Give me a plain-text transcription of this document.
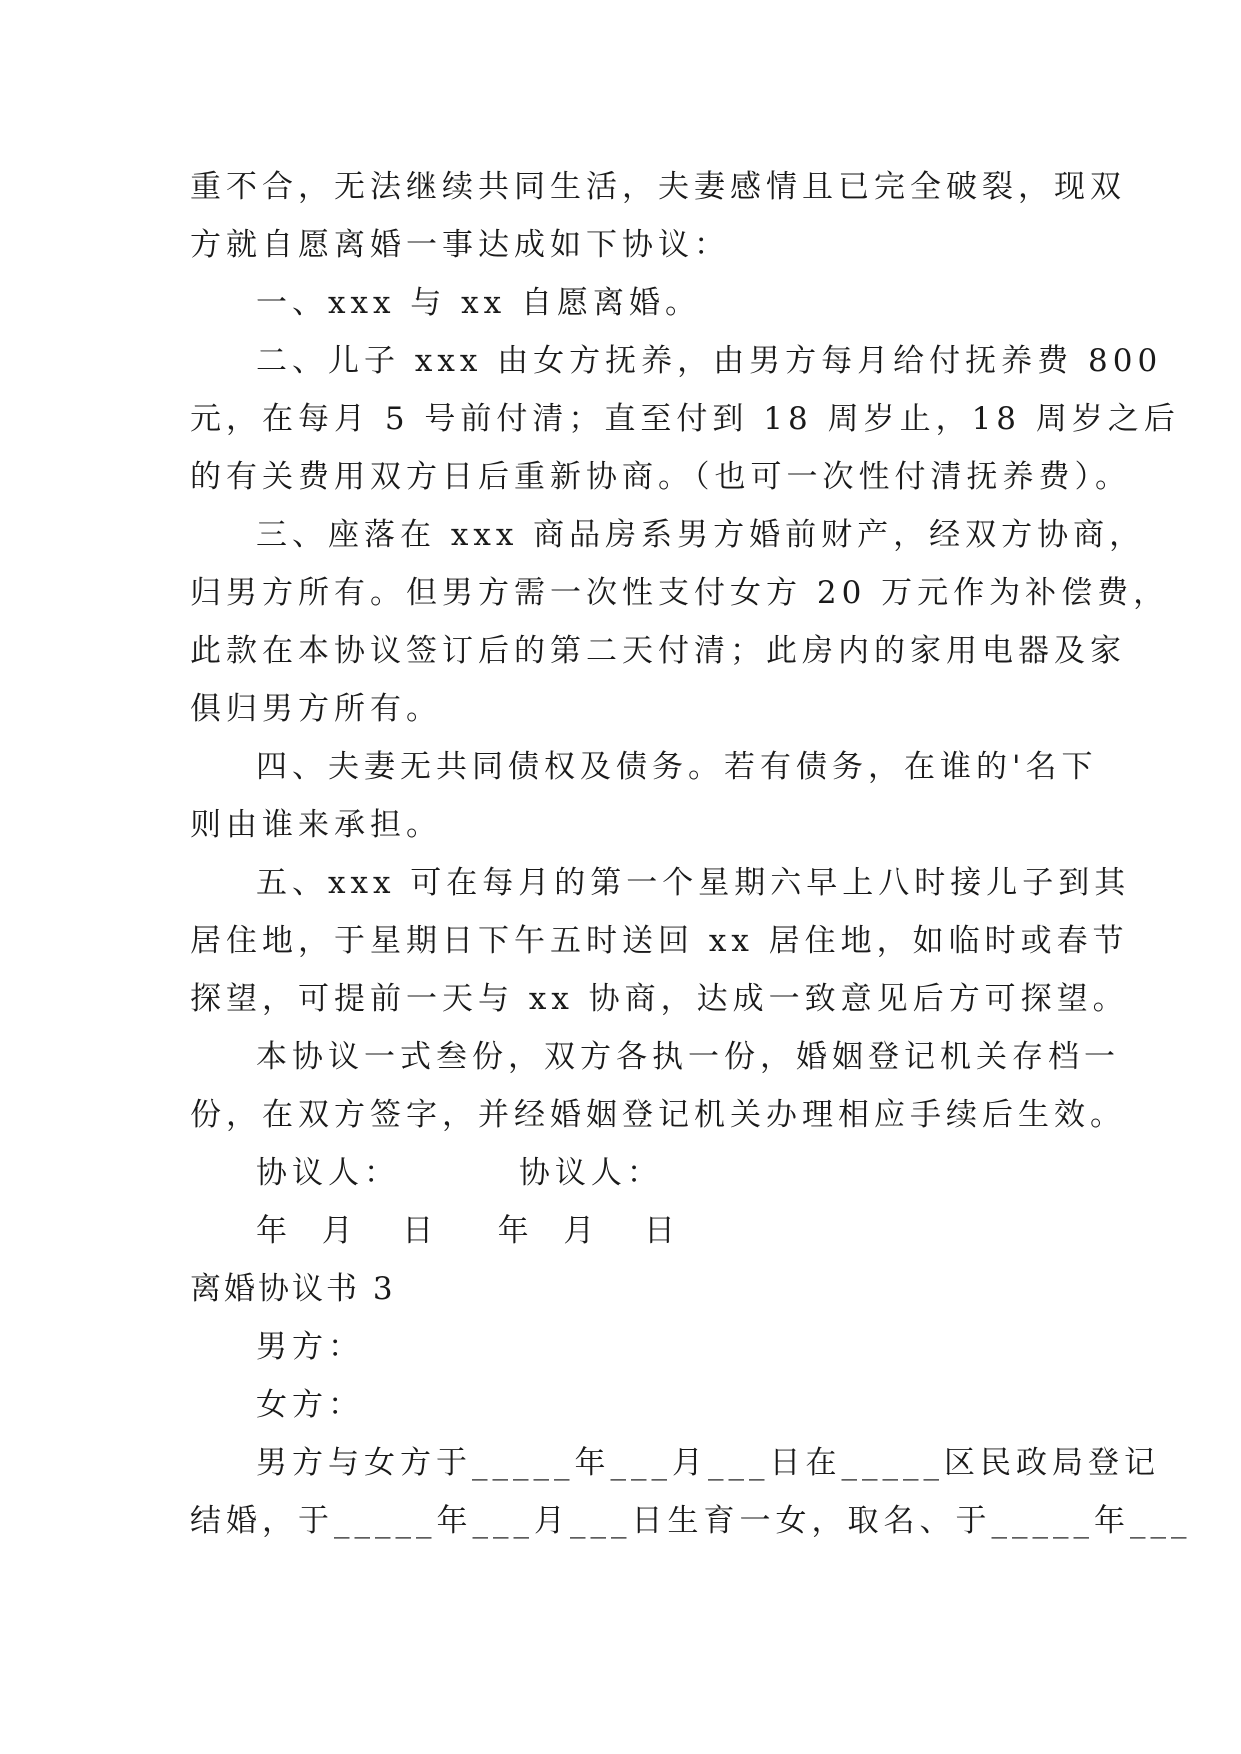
重不合，无法继续共同生活，夫妻感情且已完全破裂，现双
方就自愿离婚一事达成如下协议：
一、xxx 与 xx 自愿离婚。
二、儿子 xxx 由女方抚养，由男方每月给付抚养费 800
元，在每月 5 号前付清；直至付到 18 周岁止，18 周岁之后
的有关费用双方日后重新协商。（也可一次性付清抚养费）。
三、座落在 xxx 商品房系男方婚前财产，经双方协商，
归男方所有。但男方需一次性支付女方 20 万元作为补偿费，
此款在本协议签订后的第二天付清；此房内的家用电器及家
俱归男方所有。
四、夫妻无共同债权及债务。若有债务，在谁的'名下
则由谁来承担。
五、xxx 可在每月的第一个星期六早上八时接儿子到其
居住地，于星期日下午五时送回 xx 居住地，如临时或春节
探望，可提前一天与 xx 协商，达成一致意见后方可探望。
本协议一式叁份，双方各执一份，婚姻登记机关存档一
份，在双方签字，并经婚姻登记机关办理相应手续后生效。
协议人：        协议人：
年  月   日    年  月   日
离婚协议书 3
男方：
女方：
男方与女方于_____年___月___日在_____区民政局登记
结婚，于_____年___月___日生育一女，取名、于_____年___
